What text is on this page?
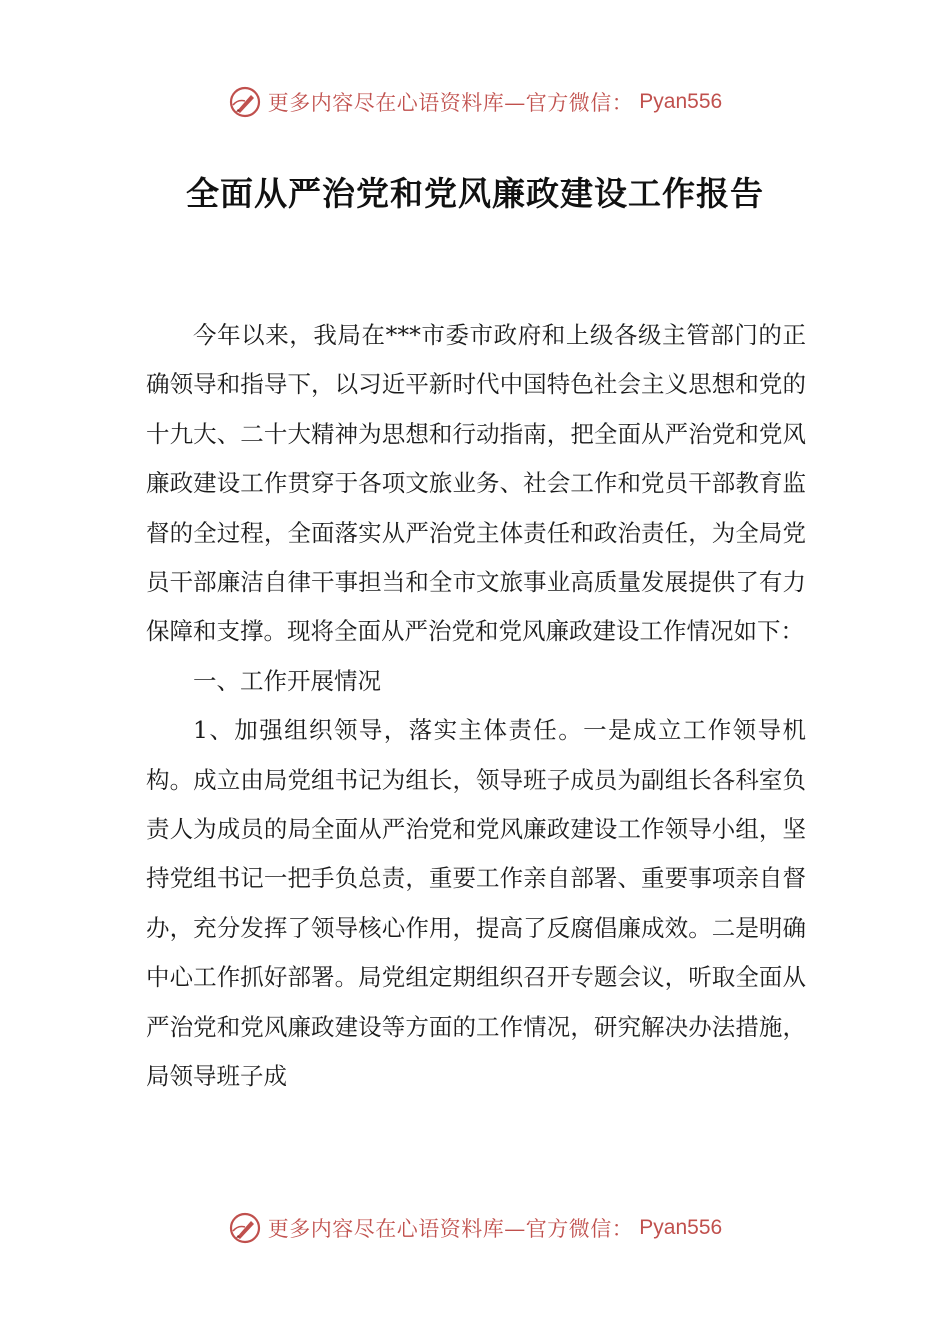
更多内容尽在心语资料库—官方微信： Pyan556
全面从严治党和党风廉政建设工作报告

今年以来，我局在***市委市政府和上级各级主管部门的正确领导和指导下，以习近平新时代中国特色社会主义思想和党的十九大、二十大精神为思想和行动指南，把全面从严治党和党风廉政建设工作贯穿于各项文旅业务、社会工作和党员干部教育监督的全过程，全面落实从严治党主体责任和政治责任，为全局党员干部廉洁自律干事担当和全市文旅事业高质量发展提供了有力保障和支撑。现将全面从严治党和党风廉政建设工作情况如下：

一、工作开展情况

1、加强组织领导，落实主体责任。一是成立工作领导机构。成立由局党组书记为组长，领导班子成员为副组长各科室负责人为成员的局全面从严治党和党风廉政建设工作领导小组，坚持党组书记一把手负总责，重要工作亲自部署、重要事项亲自督办，充分发挥了领导核心作用，提高了反腐倡廉成效。二是明确中心工作抓好部署。局党组定期组织召开专题会议，听取全面从严治党和党风廉政建设等方面的工作情况，研究解决办法措施，局领导班子成

更多内容尽在心语资料库—官方微信： Pyan556
